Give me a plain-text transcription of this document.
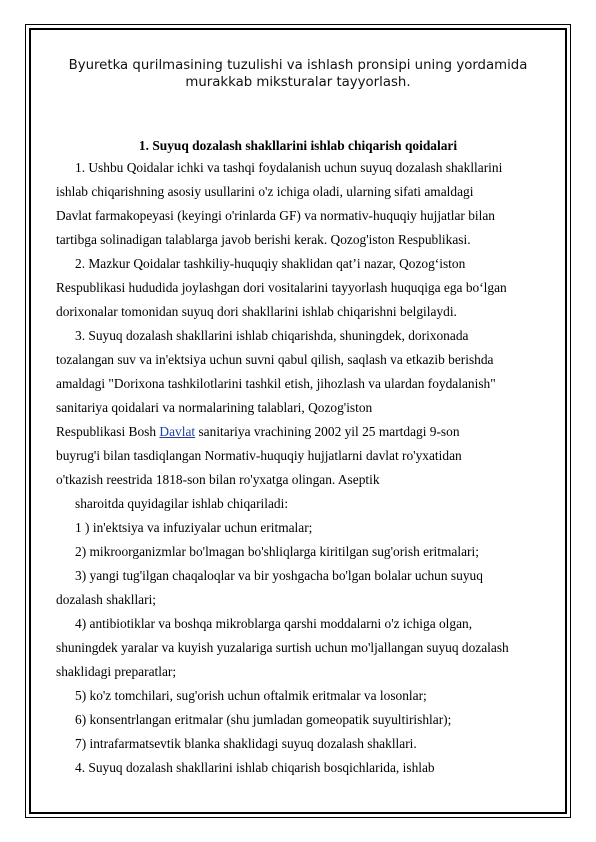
Byuretka qurilmasining tuzulishi va ishlash pronsipi uning yordamida murakkab miksturalar tayyorlash.
1. Suyuq dozalash shakllarini ishlab chiqarish qoidalari
1. Ushbu Qoidalar ichki va tashqi foydalanish uchun suyuq dozalash shakllarini
ishlab chiqarishning asosiy usullarini o'z ichiga oladi, ularning sifati amaldagi
Davlat farmakopeyasi (keyingi o'rinlarda GF) va normativ-huquqiy hujjatlar bilan
tartibga solinadigan talablarga javob berishi kerak. Qozog'iston Respublikasi.
2. Mazkur Qoidalar tashkiliy-huquqiy shaklidan qat’i nazar, Qozog‘iston
Respublikasi hududida joylashgan dori vositalarini tayyorlash huquqiga ega bo‘lgan
dorixonalar tomonidan suyuq dori shakllarini ishlab chiqarishni belgilaydi.
3. Suyuq dozalash shakllarini ishlab chiqarishda, shuningdek, dorixonada
tozalangan suv va in'ektsiya uchun suvni qabul qilish, saqlash va etkazib berishda
amaldagi "Dorixona tashkilotlarini tashkil etish, jihozlash va ulardan foydalanish"
sanitariya qoidalari va normalarining talablari, Qozog'iston
Respublikasi Bosh Davlat sanitariya vrachining 2002 yil 25 martdagi 9-son
buyrug'i bilan tasdiqlangan Normativ-huquqiy hujjatlarni davlat ro'yxatidan
o'tkazish reestrida 1818-son bilan ro'yxatga olingan. Aseptik
sharoitda quyidagilar ishlab chiqariladi:
1 ) in'ektsiya va infuziyalar uchun eritmalar;
2) mikroorganizmlar bo'lmagan bo'shliqlarga kiritilgan sug'orish eritmalari;
3) yangi tug'ilgan chaqaloqlar va bir yoshgacha bo'lgan bolalar uchun suyuq
dozalash shakllari;
4) antibiotiklar va boshqa mikroblarga qarshi moddalarni o'z ichiga olgan,
shuningdek yaralar va kuyish yuzalariga surtish uchun mo'ljallangan suyuq dozalash
shaklidagi preparatlar;
5) ko'z tomchilari, sug'orish uchun oftalmik eritmalar va losonlar;
6) konsentrlangan eritmalar (shu jumladan gomeopatik suyultirishlar);
7) intrafarmatsevtik blanka shaklidagi suyuq dozalash shakllari.
4. Suyuq dozalash shakllarini ishlab chiqarish bosqichlarida, ishlab
